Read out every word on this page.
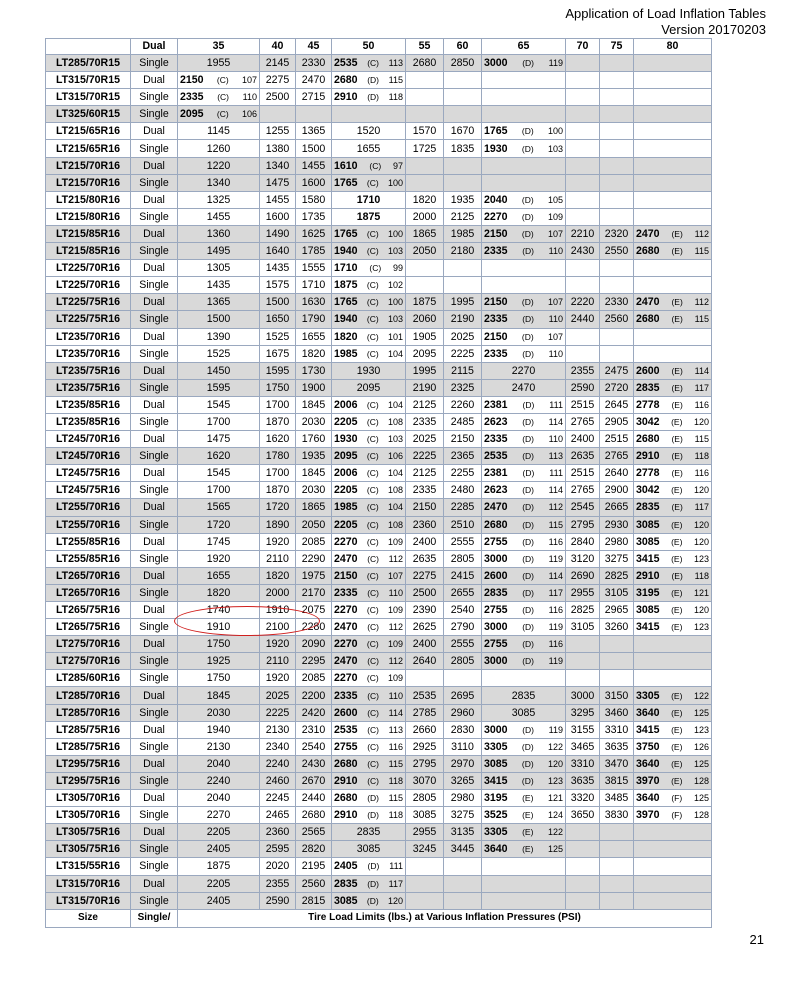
Application of Load Inflation Tables
Version 20170203
	Dual	35	40	45	50	55	60	65	70	75	80
LT285/70R15	Single	1955	2145	2330	2535 (C) 113	2680	2850	3000 (D) 119			

LT315/70R15	Dual	2150 (C) 107	2275	2470	2680 (D) 115						

LT315/70R15	Single	2335 (C) 110	2500	2715	2910 (D) 118						

LT325/60R15	Single	2095 (C) 106									

LT215/65R16	Dual	1145	1255	1365	1520	1570	1670	1765 (D) 100			

LT215/65R16	Single	1260	1380	1500	1655	1725	1835	1930 (D) 103			

LT215/70R16	Dual	1220	1340	1455	1610 (C) 97						

LT215/70R16	Single	1340	1475	1600	1765 (C) 100						

LT215/80R16	Dual	1325	1455	1580	1710	1820	1935	2040 (D) 105			

LT215/80R16	Single	1455	1600	1735	1875	2000	2125	2270 (D) 109			

LT215/85R16	Dual	1360	1490	1625	1765 (C) 100	1865	1985	2150 (D) 107	2210	2320	2470 (E) 112

LT215/85R16	Single	1495	1640	1785	1940 (C) 103	2050	2180	2335 (D) 110	2430	2550	2680 (E) 115

LT225/70R16	Dual	1305	1435	1555	1710 (C) 99						

LT225/70R16	Single	1435	1575	1710	1875 (C) 102						

LT225/75R16	Dual	1365	1500	1630	1765 (C) 100	1875	1995	2150 (D) 107	2220	2330	2470 (E) 112

LT225/75R16	Single	1500	1650	1790	1940 (C) 103	2060	2190	2335 (D) 110	2440	2560	2680 (E) 115

LT235/70R16	Dual	1390	1525	1655	1820 (C) 101	1905	2025	2150 (D) 107			

LT235/70R16	Single	1525	1675	1820	1985 (C) 104	2095	2225	2335 (D) 110			

LT235/75R16	Dual	1450	1595	1730	1930	1995	2115	2270	2355	2475	2600 (E) 114

LT235/75R16	Single	1595	1750	1900	2095	2190	2325	2470	2590	2720	2835 (E) 117

LT235/85R16	Dual	1545	1700	1845	2006 (C) 104	2125	2260	2381 (D) 111	2515	2645	2778 (E) 116

LT235/85R16	Single	1700	1870	2030	2205 (C) 108	2335	2485	2623 (D) 114	2765	2905	3042 (E) 120

LT245/70R16	Dual	1475	1620	1760	1930 (C) 103	2025	2150	2335 (D) 110	2400	2515	2680 (E) 115

LT245/70R16	Single	1620	1780	1935	2095 (C) 106	2225	2365	2535 (D) 113	2635	2765	2910 (E) 118

LT245/75R16	Dual	1545	1700	1845	2006 (C) 104	2125	2255	2381 (D) 111	2515	2640	2778 (E) 116

LT245/75R16	Single	1700	1870	2030	2205 (C) 108	2335	2480	2623 (D) 114	2765	2900	3042 (E) 120

LT255/70R16	Dual	1565	1720	1865	1985 (C) 104	2150	2285	2470 (D) 112	2545	2665	2835 (E) 117

LT255/70R16	Single	1720	1890	2050	2205 (C) 108	2360	2510	2680 (D) 115	2795	2930	3085 (E) 120

LT255/85R16	Dual	1745	1920	2085	2270 (C) 109	2400	2555	2755 (D) 116	2840	2980	3085 (E) 120

LT255/85R16	Single	1920	2110	2290	2470 (C) 112	2635	2805	3000 (D) 119	3120	3275	3415 (E) 123

LT265/70R16	Dual	1655	1820	1975	2150 (C) 107	2275	2415	2600 (D) 114	2690	2825	2910 (E) 118

LT265/70R16	Single	1820	2000	2170	2335 (C) 110	2500	2655	2835 (D) 117	2955	3105	3195 (E) 121

LT265/75R16	Dual	1740	1910	2075	2270 (C) 109	2390	2540	2755 (D) 116	2825	2965	3085 (E) 120

LT265/75R16	Single	1910	2100	2280	2470 (C) 112	2625	2790	3000 (D) 119	3105	3260	3415 (E) 123

LT275/70R16	Dual	1750	1920	2090	2270 (C) 109	2400	2555	2755 (D) 116			

LT275/70R16	Single	1925	2110	2295	2470 (C) 112	2640	2805	3000 (D) 119			

LT285/60R16	Single	1750	1920	2085	2270 (C) 109						

LT285/70R16	Dual	1845	2025	2200	2335 (C) 110	2535	2695	2835	3000	3150	3305 (E) 122

LT285/70R16	Single	2030	2225	2420	2600 (C) 114	2785	2960	3085	3295	3460	3640 (E) 125

LT285/75R16	Dual	1940	2130	2310	2535 (C) 113	2660	2830	3000 (D) 119	3155	3310	3415 (E) 123

LT285/75R16	Single	2130	2340	2540	2755 (C) 116	2925	3110	3305 (D) 122	3465	3635	3750 (E) 126

LT295/75R16	Dual	2040	2240	2430	2680 (C) 115	2795	2970	3085 (D) 120	3310	3470	3640 (E) 125

LT295/75R16	Single	2240	2460	2670	2910 (C) 118	3070	3265	3415 (D) 123	3635	3815	3970 (E) 128

LT305/70R16	Dual	2040	2245	2440	2680 (D) 115	2805	2980	3195 (E) 121	3320	3485	3640 (F) 125

LT305/70R16	Single	2270	2465	2680	2910 (D) 118	3085	3275	3525 (E) 124	3650	3830	3970 (F) 128

LT305/75R16	Dual	2205	2360	2565	2835	2955	3135	3305 (E) 122			

LT305/75R16	Single	2405	2595	2820	3085	3245	3445	3640 (E) 125			

LT315/55R16	Single	1875	2020	2195	2405 (D) 111						

LT315/70R16	Dual	2205	2355	2560	2835 (D) 117						

LT315/70R16	Single	2405	2590	2815	3085 (D) 120						

Size	Single/	Tire Load Limits (lbs.) at Various Inflation Pressures (PSI)									
21
